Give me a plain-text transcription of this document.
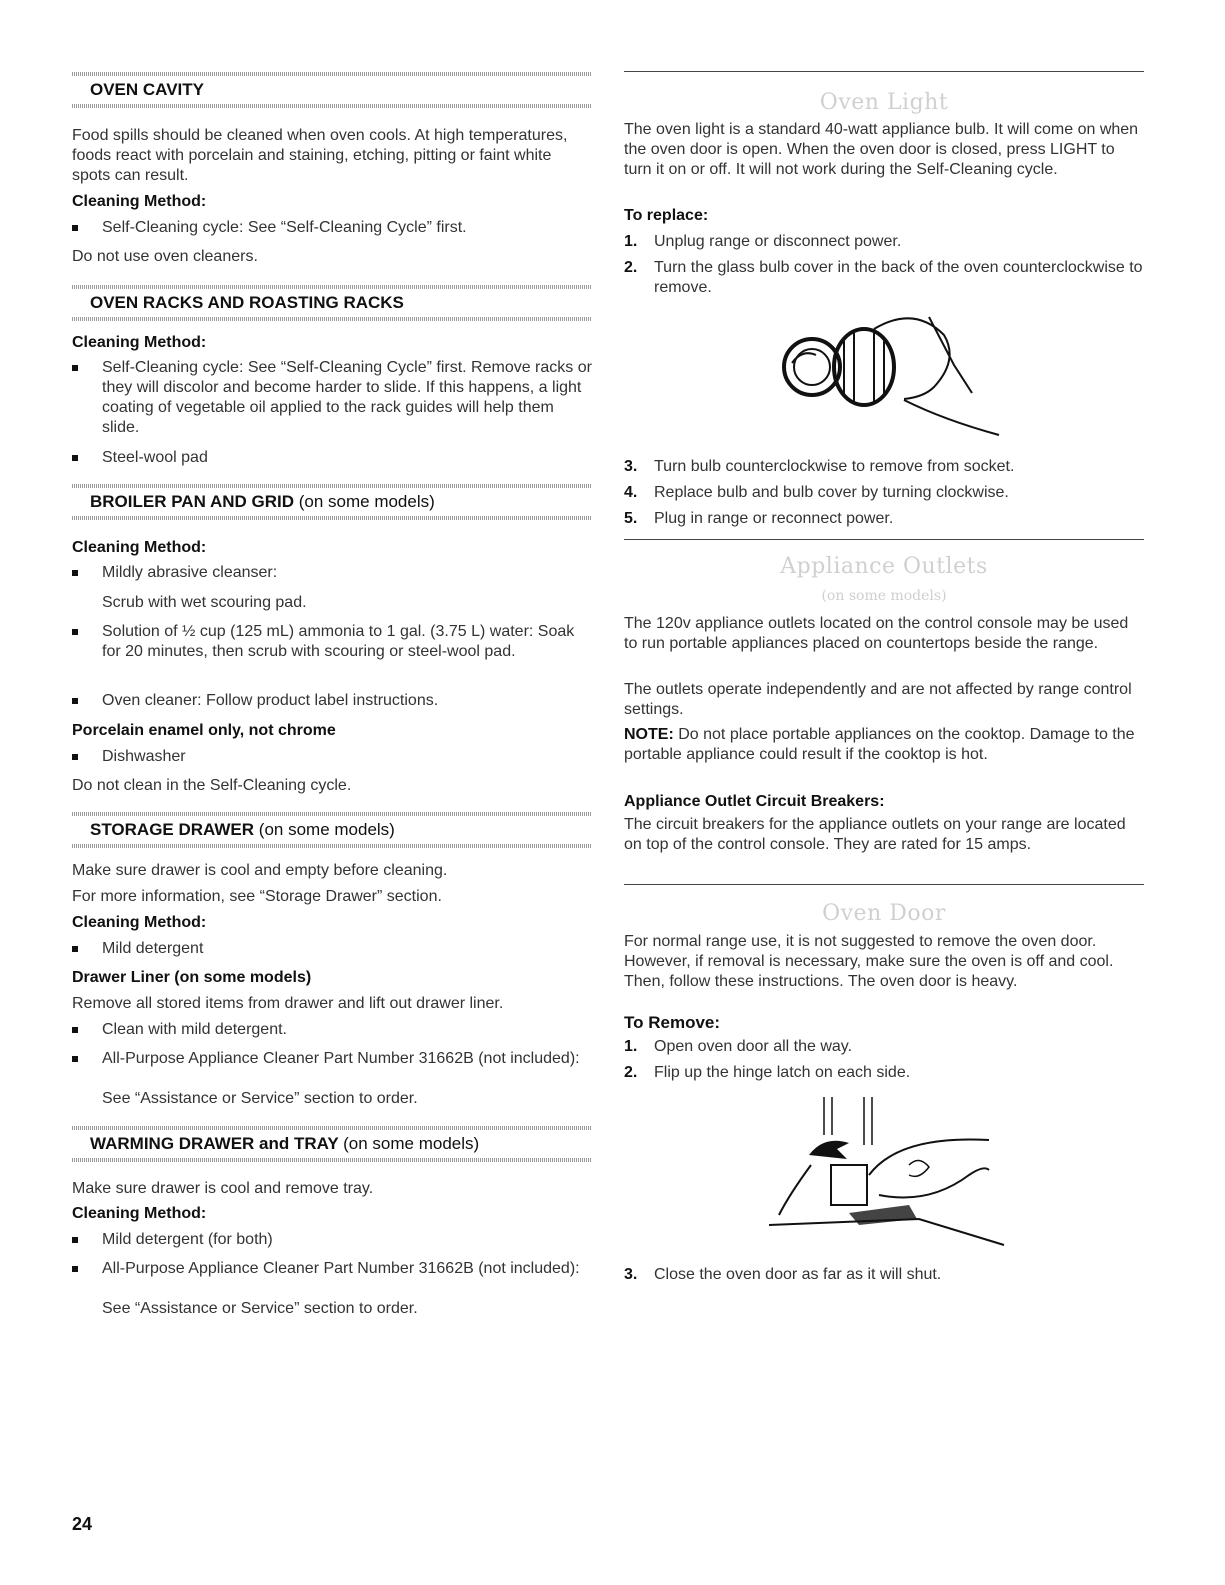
OVEN CAVITY

Food spills should be cleaned when oven cools. At high temperatures, foods react with porcelain and staining, etching, pitting or faint white spots can result.

Cleaning Method:

Self-Cleaning cycle: See “Self-Cleaning Cycle” first.

Do not use oven cleaners.

OVEN RACKS AND ROASTING RACKS

Cleaning Method:

Self-Cleaning cycle: See “Self-Cleaning Cycle” first. Remove racks or they will discolor and become harder to slide. If this happens, a light coating of vegetable oil applied to the rack guides will help them slide.
Steel-wool pad
BROILER PAN AND GRID (on some models)

Cleaning Method:

Mildly abrasive cleanser:

Scrub with wet scouring pad.

Solution of ½ cup (125 mL) ammonia to 1 gal. (3.75 L) water: Soak for 20 minutes, then scrub with scouring or steel-wool pad.
Oven cleaner: Follow product label instructions.

Porcelain enamel only, not chrome

Dishwasher

Do not clean in the Self-Cleaning cycle.

STORAGE DRAWER (on some models)

Make sure drawer is cool and empty before cleaning.

For more information, see “Storage Drawer” section.

Cleaning Method:

Mild detergent

Drawer Liner (on some models)

Remove all stored items from drawer and lift out drawer liner.

Clean with mild detergent.
All-Purpose Appliance Cleaner Part Number 31662B (not included):

See “Assistance or Service” section to order.

WARMING DRAWER and TRAY (on some models)

Make sure drawer is cool and remove tray.

Cleaning Method:

Mild detergent (for both)
All-Purpose Appliance Cleaner Part Number 31662B (not included):

See “Assistance or Service” section to order.

Oven Light

The oven light is a standard 40-watt appliance bulb. It will come on when the oven door is open. When the oven door is closed, press LIGHT to turn it on or off. It will not work during the Self-Cleaning cycle.

To replace:

1. Unplug range or disconnect power.
2. Turn the glass bulb cover in the back of the oven counterclockwise to remove.
3. Turn bulb counterclockwise to remove from socket.
4. Replace bulb and bulb cover by turning clockwise.
5. Plug in range or reconnect power.
Appliance Outlets
(on some models)

The 120v appliance outlets located on the control console may be used to run portable appliances placed on countertops beside the range.

The outlets operate independently and are not affected by range control settings.

NOTE: Do not place portable appliances on the cooktop. Damage to the portable appliance could result if the cooktop is hot.

Appliance Outlet Circuit Breakers:

The circuit breakers for the appliance outlets on your range are located on top of the control console. They are rated for 15 amps.

Oven Door

For normal range use, it is not suggested to remove the oven door. However, if removal is necessary, make sure the oven is off and cool. Then, follow these instructions. The oven door is heavy.

To Remove:

1. Open oven door all the way.
2. Flip up the hinge latch on each side.
3. Close the oven door as far as it will shut.
24
